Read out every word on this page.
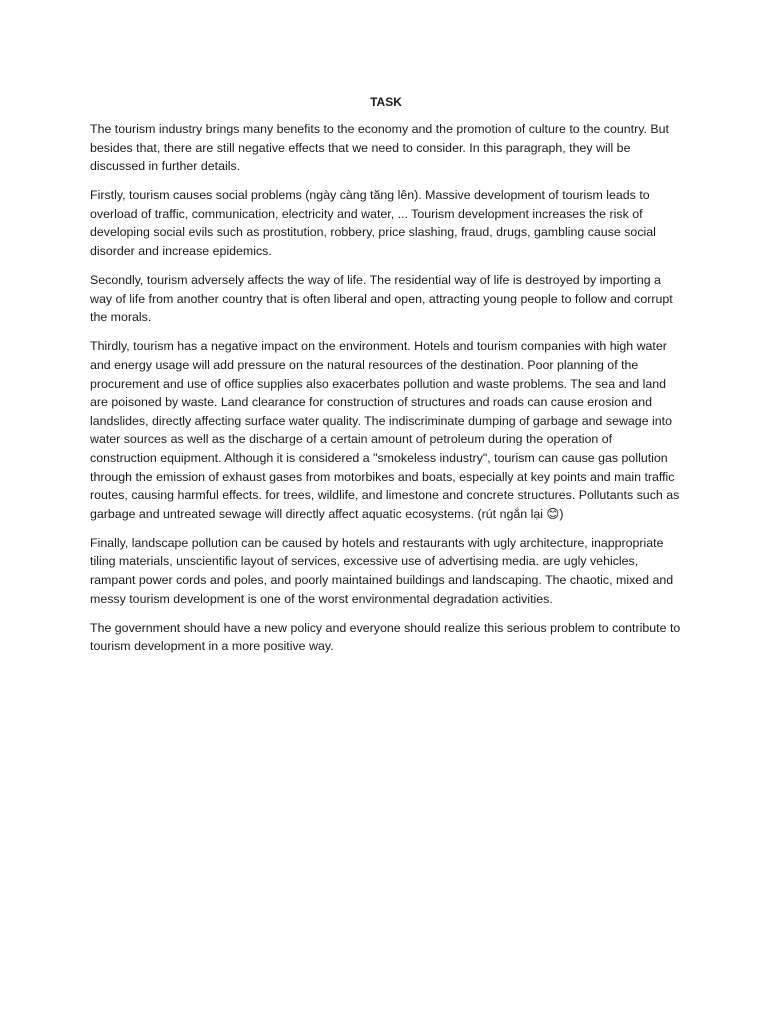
TASK

The tourism industry brings many benefits to the economy and the promotion of culture to the country. But besides that, there are still negative effects that we need to consider. In this paragraph, they will be discussed in further details.

Firstly, tourism causes social problems (ngày càng tăng lên). Massive development of tourism leads to overload of traffic, communication, electricity and water, ... Tourism development increases the risk of developing social evils such as prostitution, robbery, price slashing, fraud, drugs, gambling cause social disorder and increase epidemics.

Secondly, tourism adversely affects the way of life. The residential way of life is destroyed by importing a way of life from another country that is often liberal and open, attracting young people to follow and corrupt the morals.

Thirdly, tourism has a negative impact on the environment. Hotels and tourism companies with high water and energy usage will add pressure on the natural resources of the destination. Poor planning of the procurement and use of office supplies also exacerbates pollution and waste problems. The sea and land are poisoned by waste. Land clearance for construction of structures and roads can cause erosion and landslides, directly affecting surface water quality. The indiscriminate dumping of garbage and sewage into water sources as well as the discharge of a certain amount of petroleum during the operation of construction equipment. Although it is considered a "smokeless industry", tourism can cause gas pollution through the emission of exhaust gases from motorbikes and boats, especially at key points and main traffic routes, causing harmful effects. for trees, wildlife, and limestone and concrete structures. Pollutants such as garbage and untreated sewage will directly affect aquatic ecosystems. (rút ngắn lại 😊)

Finally, landscape pollution can be caused by hotels and restaurants with ugly architecture, inappropriate tiling materials, unscientific layout of services, excessive use of advertising media. are ugly vehicles, rampant power cords and poles, and poorly maintained buildings and landscaping. The chaotic, mixed and messy tourism development is one of the worst environmental degradation activities.

The government should have a new policy and everyone should realize this serious problem to contribute to tourism development in a more positive way.
